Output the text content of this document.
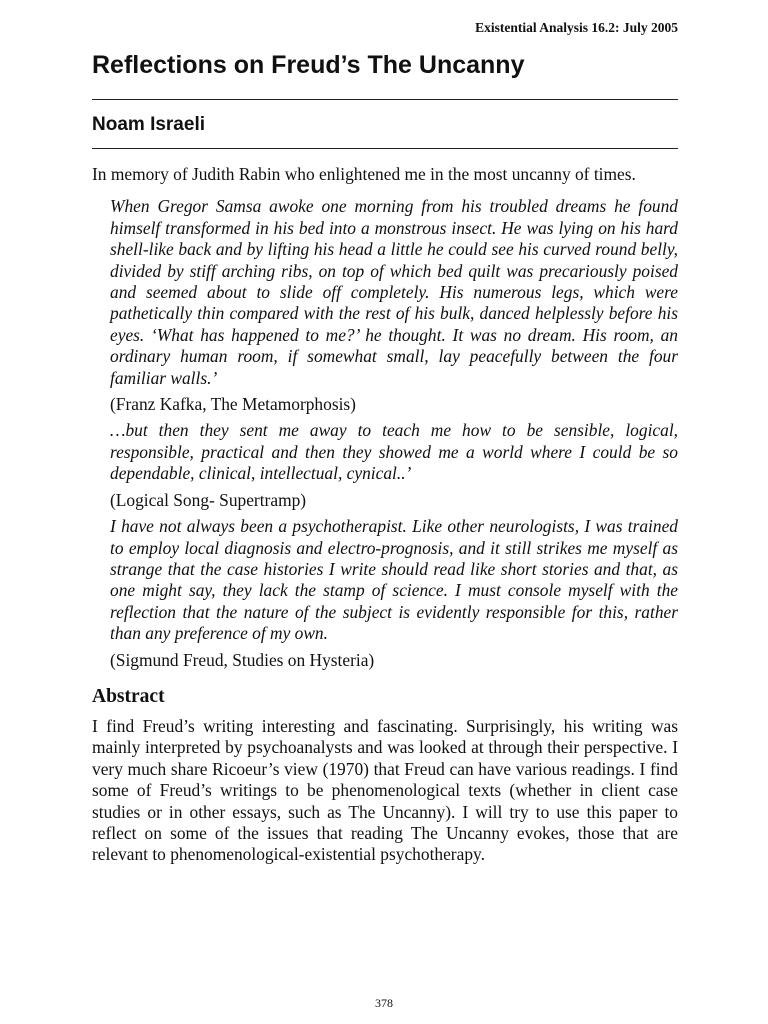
Existential Analysis 16.2: July 2005
Reflections on Freud’s The Uncanny
Noam Israeli

In memory of Judith Rabin who enlightened me in the most uncanny of times.

When Gregor Samsa awoke one morning from his troubled dreams he found himself transformed in his bed into a monstrous insect. He was lying on his hard shell-like back and by lifting his head a little he could see his curved round belly, divided by stiff arching ribs, on top of which bed quilt was precariously poised and seemed about to slide off completely. His numerous legs, which were pathetically thin compared with the rest of his bulk, danced helplessly before his eyes. ‘What has happened to me?’ he thought. It was no dream. His room, an ordinary human room, if somewhat small, lay peacefully between the four familiar walls.’

(Franz Kafka, The Metamorphosis)

…but then they sent me away to teach me how to be sensible, logical, responsible, practical and then they showed me a world where I could be so dependable, clinical, intellectual, cynical..’

(Logical Song- Supertramp)

I have not always been a psychotherapist. Like other neurologists, I was trained to employ local diagnosis and electro-prognosis, and it still strikes me myself as strange that the case histories I write should read like short stories and that, as one might say, they lack the stamp of science. I must console myself with the reflection that the nature of the subject is evidently responsible for this, rather than any preference of my own.

(Sigmund Freud, Studies on Hysteria)

Abstract

I find Freud’s writing interesting and fascinating. Surprisingly, his writing was mainly interpreted by psychoanalysts and was looked at through their perspective. I very much share Ricoeur’s view (1970) that Freud can have various readings. I find some of Freud’s writings to be phenomenological texts (whether in client case studies or in other essays, such as The Uncanny). I will try to use this paper to reflect on some of the issues that reading The Uncanny evokes, those that are relevant to phenomenological-existential psychotherapy.

378
